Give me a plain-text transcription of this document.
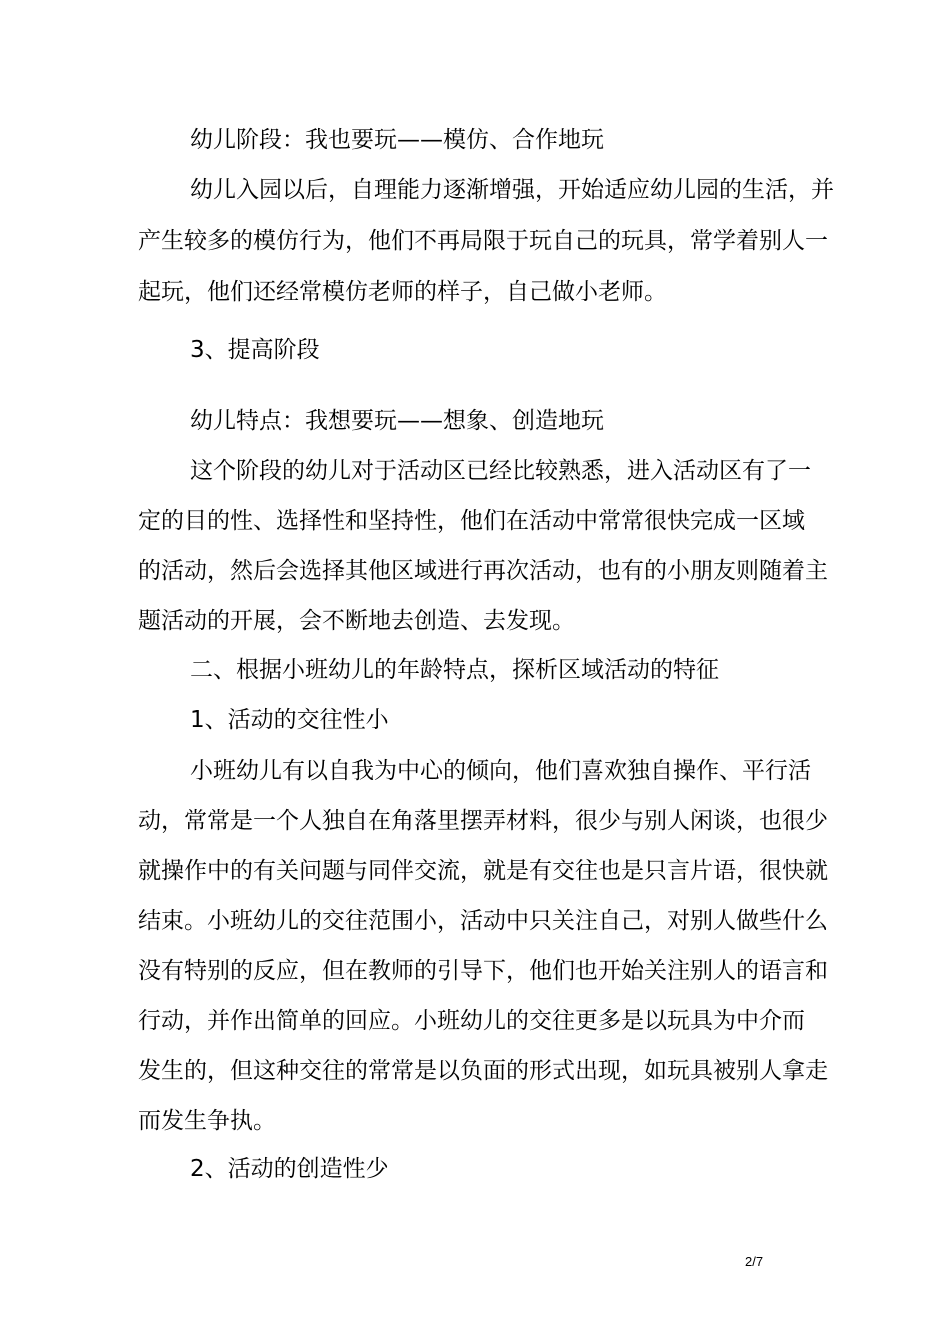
幼儿阶段：我也要玩——模仿、合作地玩
幼儿入园以后，自理能力逐渐增强，开始适应幼儿园的生活，并
产生较多的模仿行为，他们不再局限于玩自己的玩具，常学着别人一
起玩，他们还经常模仿老师的样子，自己做小老师。
3、提高阶段
幼儿特点：我想要玩——想象、创造地玩
这个阶段的幼儿对于活动区已经比较熟悉，进入活动区有了一
定的目的性、选择性和坚持性，他们在活动中常常很快完成一区域
的活动，然后会选择其他区域进行再次活动，也有的小朋友则随着主
题活动的开展，会不断地去创造、去发现。
二、根据小班幼儿的年龄特点，探析区域活动的特征
1、活动的交往性小
小班幼儿有以自我为中心的倾向，他们喜欢独自操作、平行活
动，常常是一个人独自在角落里摆弄材料，很少与别人闲谈，也很少
就操作中的有关问题与同伴交流，就是有交往也是只言片语，很快就
结束。小班幼儿的交往范围小，活动中只关注自己，对别人做些什么
没有特别的反应，但在教师的引导下，他们也开始关注别人的语言和
行动，并作出简单的回应。小班幼儿的交往更多是以玩具为中介而
发生的，但这种交往的常常是以负面的形式出现，如玩具被别人拿走
而发生争执。
2、活动的创造性少
2/7
